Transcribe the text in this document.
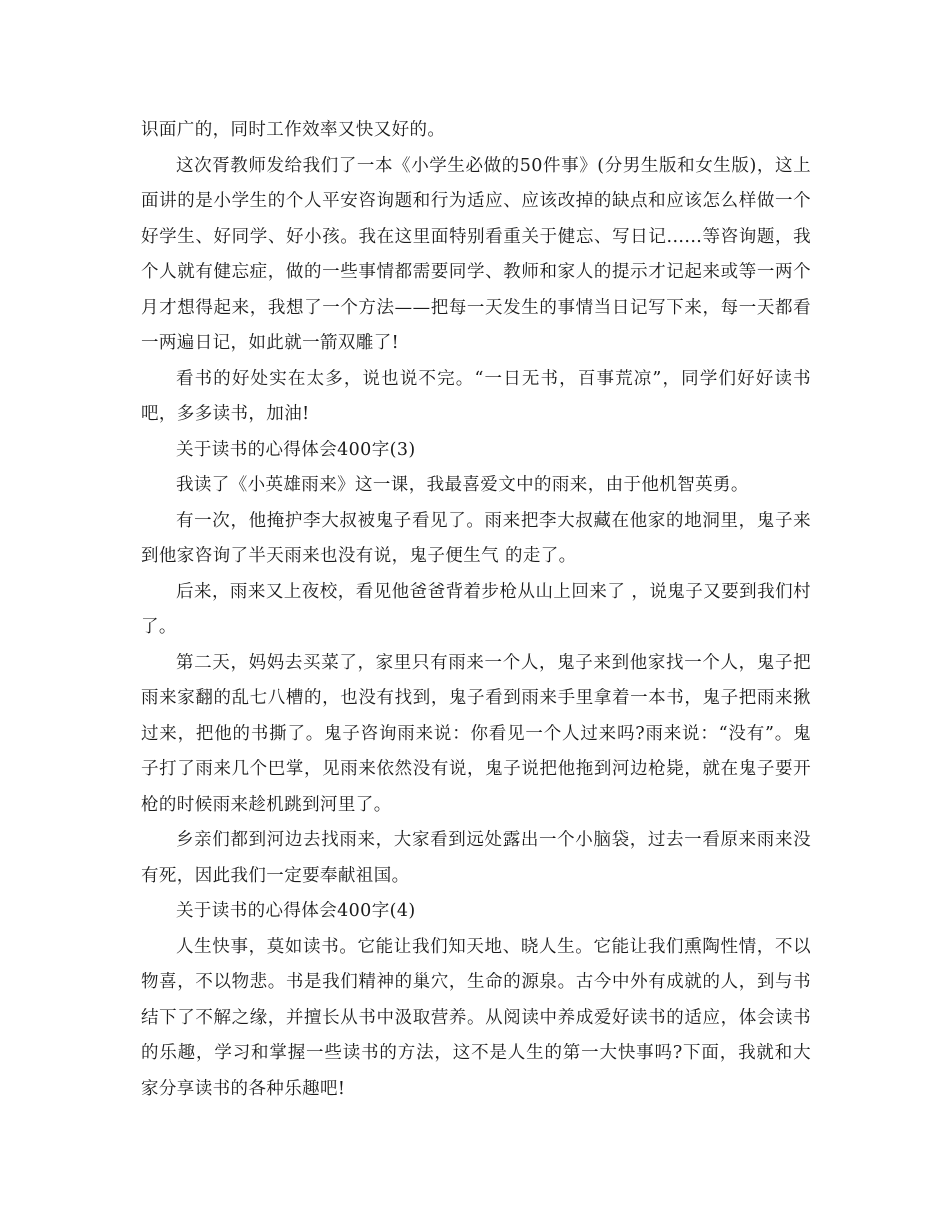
识面广的，同时工作效率又快又好的。

这次胥教师发给我们了一本《小学生必做的50件事》(分男生版和女生版)，这上面讲的是小学生的个人平安咨询题和行为适应、应该改掉的缺点和应该怎么样做一个好学生、好同学、好小孩。我在这里面特别看重关于健忘、写日记......等咨询题，我个人就有健忘症，做的一些事情都需要同学、教师和家人的提示才记起来或等一两个月才想得起来，我想了一个方法——把每一天发生的事情当日记写下来，每一天都看一两遍日记，如此就一箭双雕了!

看书的好处实在太多，说也说不完。“一日无书，百事荒凉”，同学们好好读书吧，多多读书，加油!

关于读书的心得体会400字(3)

我读了《小英雄雨来》这一课，我最喜爱文中的雨来，由于他机智英勇。

有一次，他掩护李大叔被鬼子看见了。雨来把李大叔藏在他家的地洞里，鬼子来到他家咨询了半天雨来也没有说，鬼子便生气 的走了。

后来，雨来又上夜校，看见他爸爸背着步枪从山上回来了 ，说鬼子又要到我们村了。

第二天，妈妈去买菜了，家里只有雨来一个人，鬼子来到他家找一个人，鬼子把雨来家翻的乱七八槽的，也没有找到，鬼子看到雨来手里拿着一本书，鬼子把雨来揪过来，把他的书撕了。鬼子咨询雨来说：你看见一个人过来吗?雨来说：“没有”。鬼子打了雨来几个巴掌，见雨来依然没有说，鬼子说把他拖到河边枪毙，就在鬼子要开枪的时候雨来趁机跳到河里了。

乡亲们都到河边去找雨来，大家看到远处露出一个小脑袋，过去一看原来雨来没有死，因此我们一定要奉献祖国。

关于读书的心得体会400字(4)

人生快事，莫如读书。它能让我们知天地、晓人生。它能让我们熏陶性情，不以物喜，不以物悲。书是我们精神的巢穴，生命的源泉。古今中外有成就的人，到与书结下了不解之缘，并擅长从书中汲取营养。从阅读中养成爱好读书的适应，体会读书的乐趣，学习和掌握一些读书的方法，这不是人生的第一大快事吗?下面，我就和大家分享读书的各种乐趣吧!
